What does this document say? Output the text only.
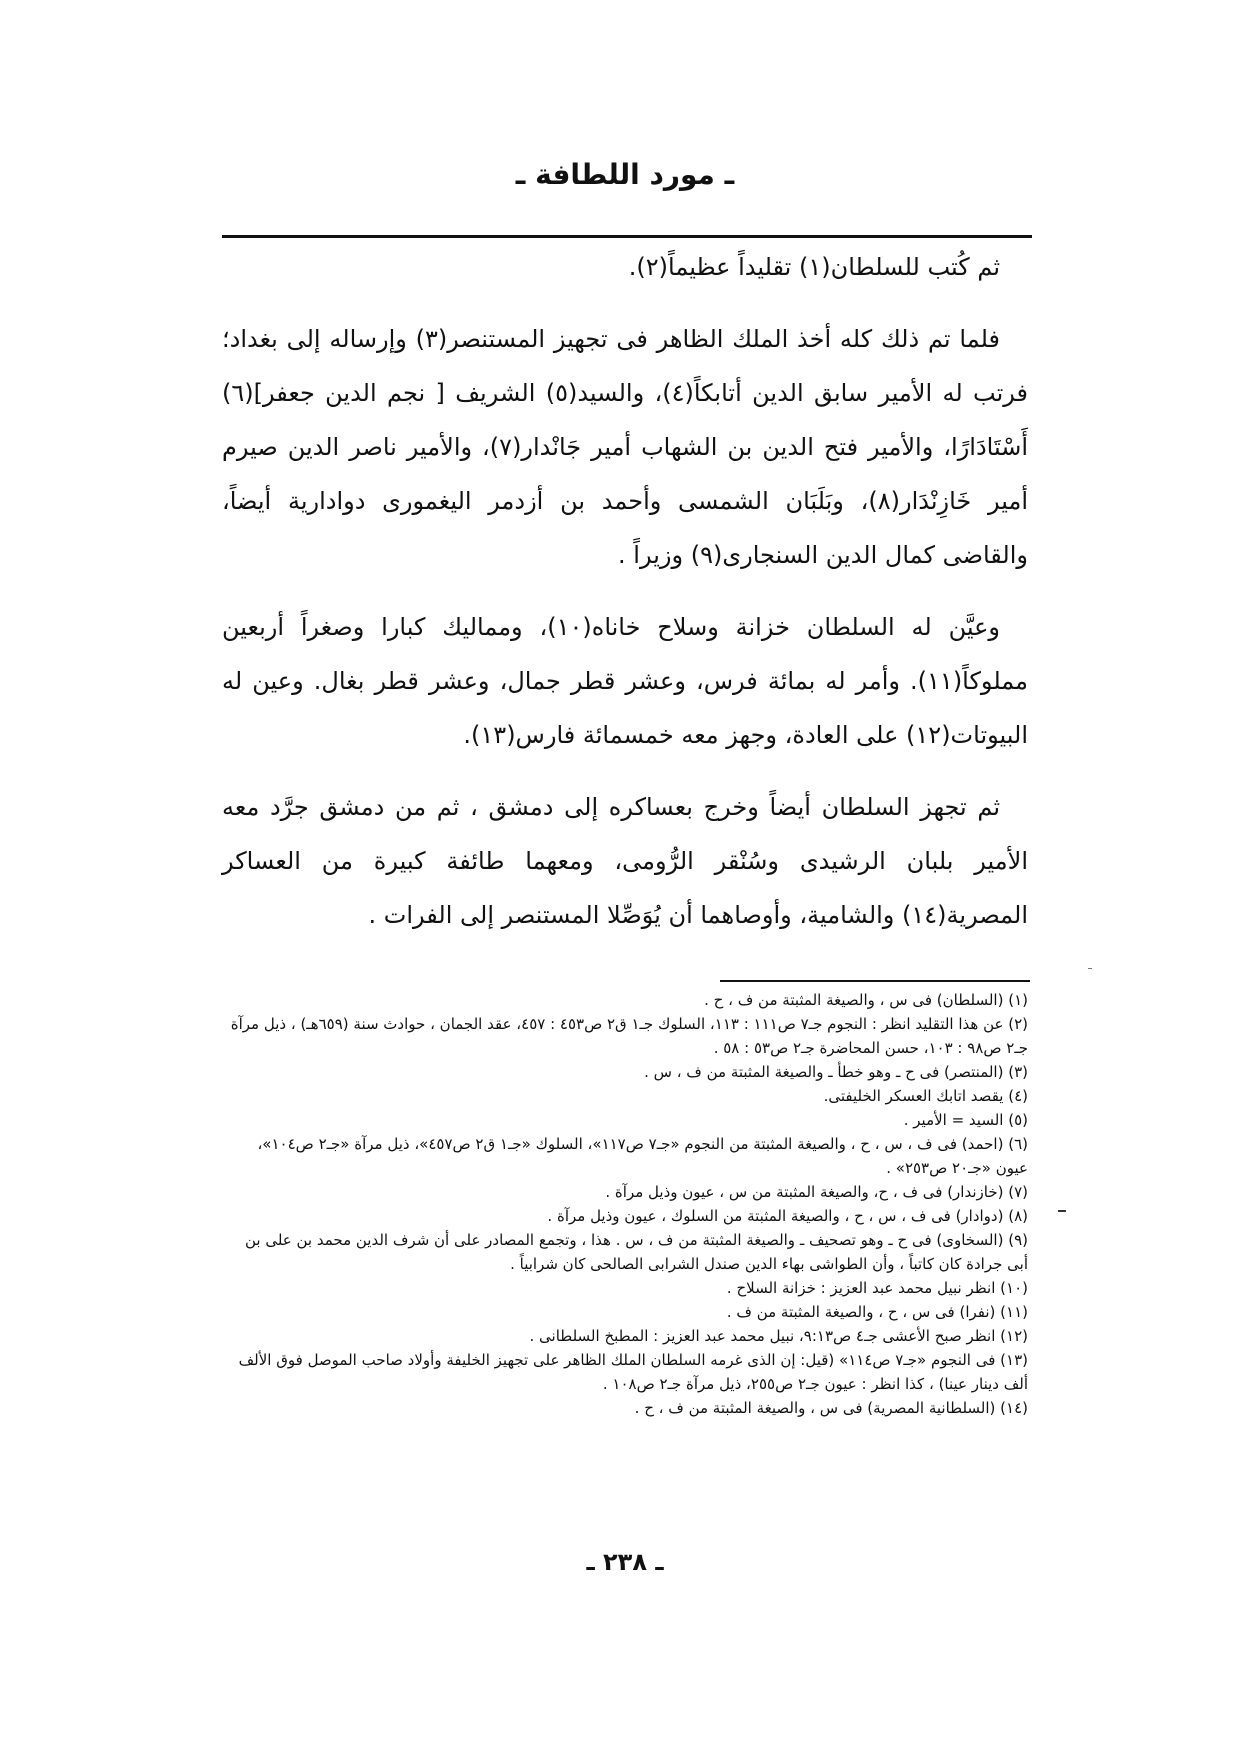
ـ مورد اللطافة ـ

ثم كُتب للسلطان(١) تقليداً عظيماً(٢).

فلما تم ذلك كله أخذ الملك الظاهر فى تجهيز المستنصر(٣) وإرساله إلى بغداد؛ فرتب له الأمير سابق الدين أتابكاً(٤)، والسيد(٥) الشريف [ نجم الدين جعفر](٦) أَسْتَادَارًا، والأمير فتح الدين بن الشهاب أمير جَانْدار(٧)، والأمير ناصر الدين صيرم أمير خَازِنْدَار(٨)، وبَلَبَان الشمسى وأحمد بن أزدمر اليغمورى دوادارية أيضاً، والقاضى كمال الدين السنجارى(٩) وزيراً .

وعيَّن له السلطان خزانة وسلاح خاناه(١٠)، ومماليك كبارا وصغراً أربعين مملوكاً(١١). وأمر له بمائة فرس، وعشر قطر جمال، وعشر قطر بغال. وعين له البيوتات(١٢) على العادة، وجهز معه خمسمائة فارس(١٣).

ثم تجهز السلطان أيضاً وخرج بعساكره إلى دمشق ، ثم من دمشق جرَّد معه الأمير بلبان الرشيدى وسُنْقر الرُّومى، ومعهما طائفة كبيرة من العساكر المصرية(١٤) والشامية، وأوصاهما أن يُوَصِّلا المستنصر إلى الفرات .

(١) (السلطان) فى س ، والصيغة المثبتة من ف ، ح .

(٢) عن هذا التقليد انظر : النجوم جـ٧ ص١١١ : ١١٣، السلوك جـ١ ق٢ ص٤٥٣ : ٤٥٧، عقد الجمان ، حوادث سنة (٦٥٩هـ) ، ذيل مرآة جـ٢ ص٩٨ : ١٠٣، حسن المحاضرة جـ٢ ص٥٣ : ٥٨ .

(٣) (المنتصر) فى ح ـ وهو خطأ ـ والصيغة المثبتة من ف ، س .

(٤) يقصد اتابك العسكر الخليفتى.

(٥) السيد = الأمير .

(٦) (احمد) فى ف ، س ، ح ، والصيغة المثبتة من النجوم «جـ٧ ص١١٧»، السلوك «جـ١ ق٢ ص٤٥٧»، ذيل مرآة «جـ٢ ص١٠٤»، عيون «جـ٢٠ ص٢٥٣» .

(٧) (خازندار) فى ف ، ح، والصيغة المثبتة من س ، عيون وذيل مرآة .

(٨) (دوادار) فى ف ، س ، ح ، والصيغة المثبتة من السلوك ، عيون وذيل مرآة .

(٩) (السخاوى) فى ح ـ وهو تصحيف ـ والصيغة المثبتة من ف ، س . هذا ، وتجمع المصادر على أن شرف الدين محمد بن على بن أبى جرادة كان كاتباً ، وأن الطواشى بهاء الدين صندل الشرابى الصالحى كان شرابياً .

(١٠) انظر نبيل محمد عبد العزيز : خزانة السلاح .

(١١) (نفرا) فى س ، ح ، والصيغة المثبتة من ف .

(١٢) انظر صبح الأعشى جـ٤ ص٩:١٣، نبيل محمد عبد العزيز : المطبخ السلطانى .

(١٣) فى النجوم «جـ٧ ص١١٤» (قيل: إن الذى غرمه السلطان الملك الظاهر على تجهيز الخليفة وأولاد صاحب الموصل فوق الألف ألف دينار عينا) ، كذا انظر : عيون جـ٢ ص٢٥٥، ذيل مرآة جـ٢ ص١٠٨ .

(١٤) (السلطانية المصرية) فى س ، والصيغة المثبتة من ف ، ح .

ـ ٢٣٨ ـ
